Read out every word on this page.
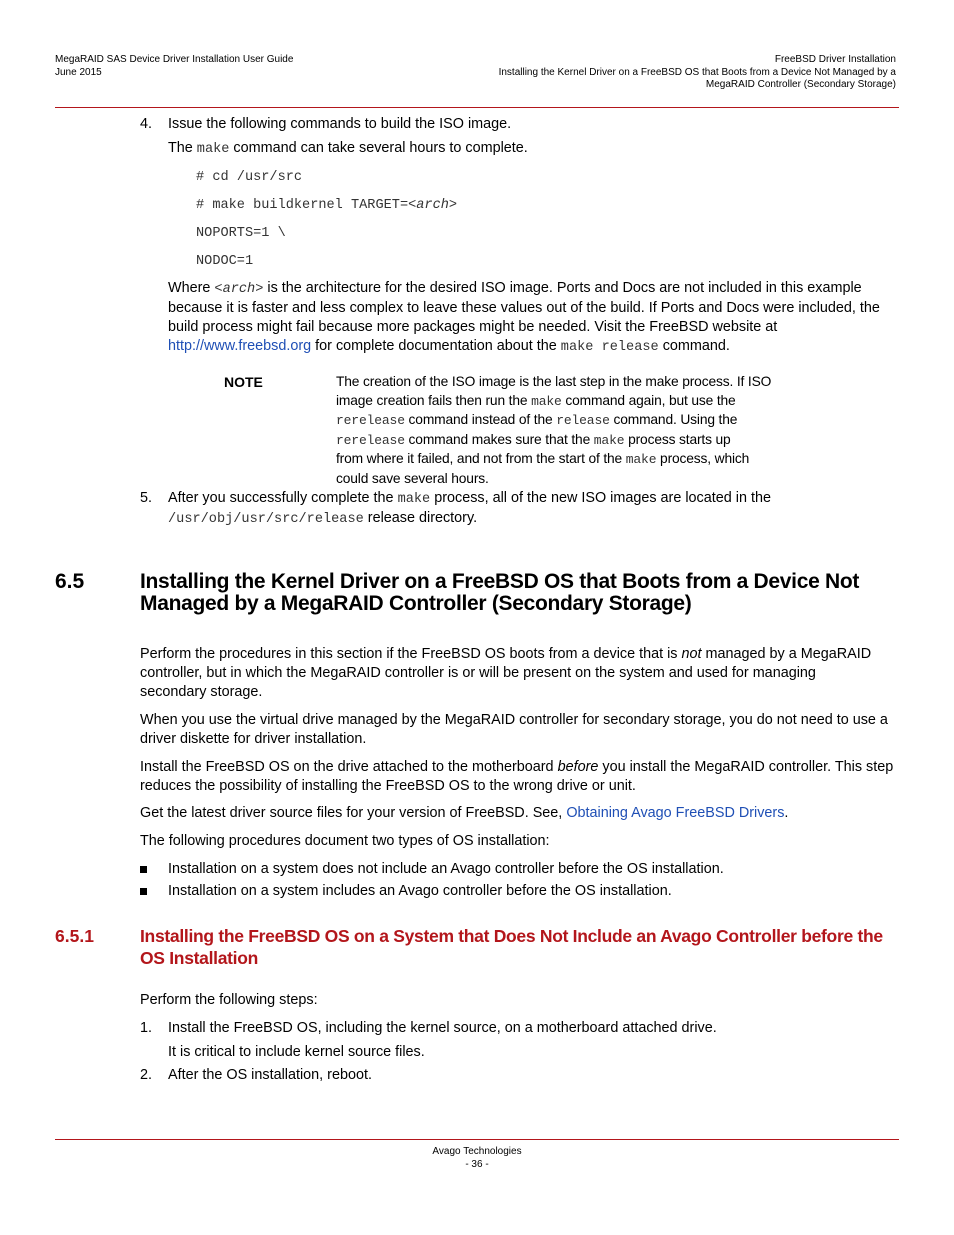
MegaRAID SAS Device Driver Installation User Guide
June 2015
FreeBSD Driver Installation
Installing the Kernel Driver on a FreeBSD OS that Boots from a Device Not Managed by a
MegaRAID Controller (Secondary Storage)
4. Issue the following commands to build the ISO image.
The make command can take several hours to complete.
# cd /usr/src
# make buildkernel TARGET=<arch>
NOPORTS=1 \
NODOC=1
Where <arch> is the architecture for the desired ISO image. Ports and Docs are not included in this example
because it is faster and less complex to leave these values out of the build. If Ports and Docs were included, the
build process might fail because more packages might be needed. Visit the FreeBSD website at
http://www.freebsd.org for complete documentation about the make release command.
NOTE	The creation of the ISO image is the last step in the make process. If ISO
image creation fails then run the make command again, but use the
rerelease command instead of the release command. Using the
rerelease command makes sure that the make process starts up
from where it failed, and not from the start of the make process, which
could save several hours.
5. After you successfully complete the make process, all of the new ISO images are located in the
/usr/obj/usr/src/release release directory.
6.5	Installing the Kernel Driver on a FreeBSD OS that Boots from a Device Not
Managed by a MegaRAID Controller (Secondary Storage)
Perform the procedures in this section if the FreeBSD OS boots from a device that is not managed by a MegaRAID
controller, but in which the MegaRAID controller is or will be present on the system and used for managing
secondary storage.
When you use the virtual drive managed by the MegaRAID controller for secondary storage, you do not need to use a
driver diskette for driver installation.
Install the FreeBSD OS on the drive attached to the motherboard before you install the MegaRAID controller. This step
reduces the possibility of installing the FreeBSD OS to the wrong drive or unit.
Get the latest driver source files for your version of FreeBSD. See, Obtaining Avago FreeBSD Drivers.
The following procedures document two types of OS installation:
Installation on a system does not include an Avago controller before the OS installation.
Installation on a system includes an Avago controller before the OS installation.
6.5.1	Installing the FreeBSD OS on a System that Does Not Include an Avago Controller before the
OS Installation
Perform the following steps:
1. Install the FreeBSD OS, including the kernel source, on a motherboard attached drive.
It is critical to include kernel source files.
2. After the OS installation, reboot.
Avago Technologies
- 36 -
